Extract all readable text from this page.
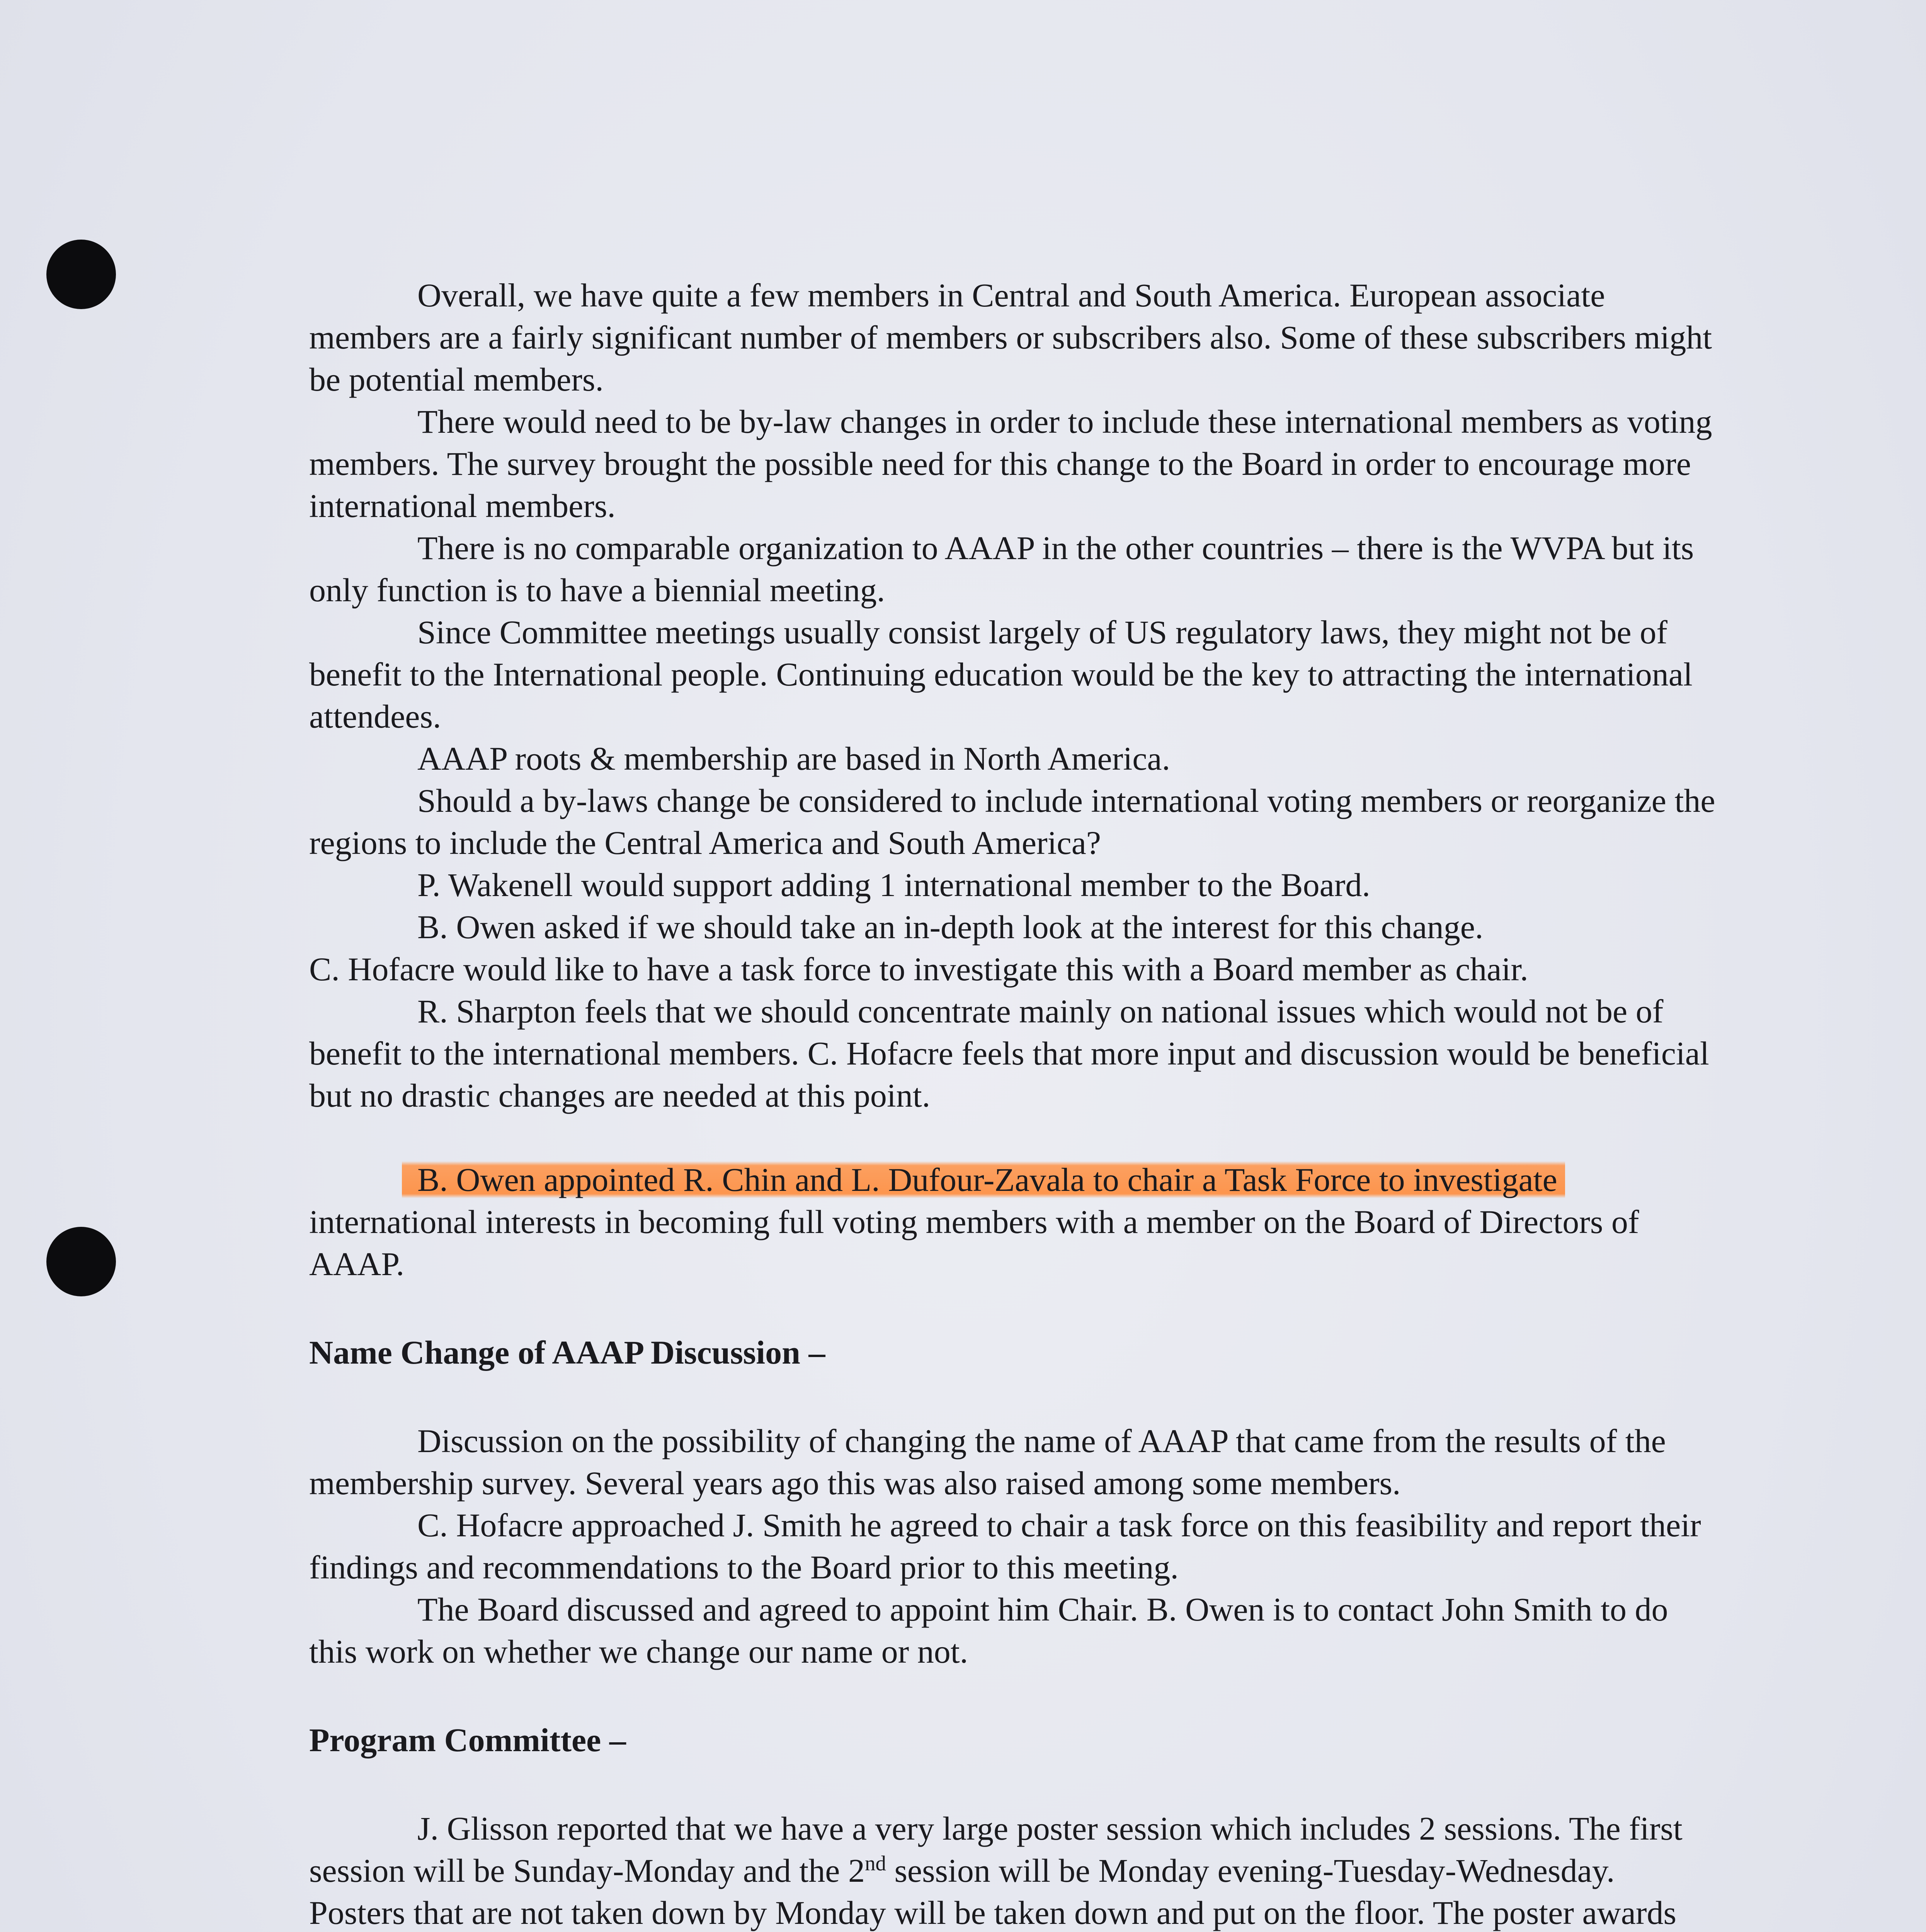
Overall, we have quite a few members in Central and South America. European associate members are a fairly significant number of members or subscribers also. Some of these subscribers might be potential members.

There would need to be by-law changes in order to include these international members as voting members. The survey brought the possible need for this change to the Board in order to encourage more international members.

There is no comparable organization to AAAP in the other countries – there is the WVPA but its only function is to have a biennial meeting.

Since Committee meetings usually consist largely of US regulatory laws, they might not be of benefit to the International people. Continuing education would be the key to attracting the international attendees.

AAAP roots & membership are based in North America.

Should a by-laws change be considered to include international voting members or reorganize the regions to include the Central America and South America?

P. Wakenell would support adding 1 international member to the Board.

B. Owen asked if we should take an in-depth look at the interest for this change.

C. Hofacre would like to have a task force to investigate this with a Board member as chair.

R. Sharpton feels that we should concentrate mainly on national issues which would not be of benefit to the international members. C. Hofacre feels that more input and discussion would be beneficial but no drastic changes are needed at this point.

B. Owen appointed R. Chin and L. Dufour-Zavala to chair a Task Force to investigate international interests in becoming full voting members with a member on the Board of Directors of AAAP.

Name Change of AAAP Discussion –

Discussion on the possibility of changing the name of AAAP that came from the results of the membership survey. Several years ago this was also raised among some members.

C. Hofacre approached J. Smith he agreed to chair a task force on this feasibility and report their findings and recommendations to the Board prior to this meeting.

The Board discussed and agreed to appoint him Chair. B. Owen is to contact John Smith to do this work on whether we change our name or not.

Program Committee –

J. Glisson reported that we have a very large poster session which includes 2 sessions. The first session will be Sunday-Monday and the 2nd session will be Monday evening-Tuesday-Wednesday. Posters that are not taken down by Monday will be taken down and put on the floor. The poster awards
